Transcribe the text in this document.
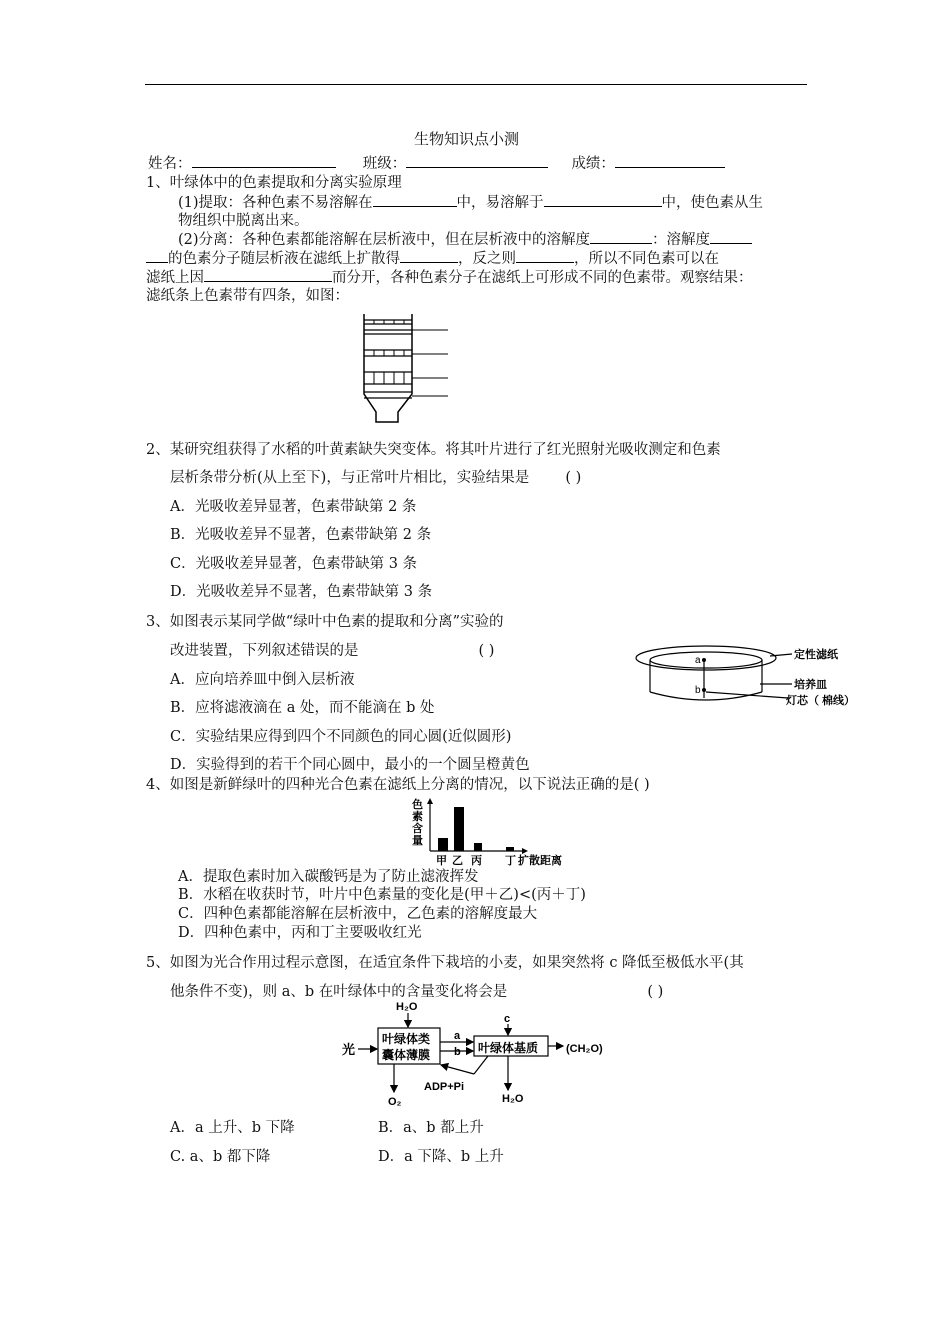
生物知识点小测
姓名：	班级：	成绩：
1、叶绿体中的色素提取和分离实验原理
(1)提取：各种色素不易溶解在	中，易溶解于	中，使色素从生
物组织中脱离出来。
(2)分离：各种色素都能溶解在层析液中，但在层析液中的溶解度	：溶解度
的色素分子随层析液在滤纸上扩散得	，反之则	，所以不同色素可以在
滤纸上因	而分开，各种色素分子在滤纸上可形成不同的色素带。观察结果：
滤纸条上色素带有四条，如图：
2、某研究组获得了水稻的叶黄素缺失突变体。将其叶片进行了红光照射光吸收测定和色素
层析条带分析(从上至下)，与正常叶片相比，实验结果是 ( )
A．光吸收差异显著，色素带缺第 2 条
B．光吸收差异不显著，色素带缺第 2 条
C．光吸收差异显著，色素带缺第 3 条
D．光吸收差异不显著，色素带缺第 3 条
3、如图表示某同学做“绿叶中色素的提取和分离”实验的
改进装置，下列叙述错误的是	( )
A．应向培养皿中倒入层析液
B．应将滤液滴在 a 处，而不能滴在 b 处
C．实验结果应得到四个不同颜色的同心圆(近似圆形)
D．实验得到的若干个同心圆中，最小的一个圆呈橙黄色
a
b
定性滤纸
培养皿
灯芯（ 棉线）
4、如图是新鲜绿叶的四种光合色素在滤纸上分离的情况，以下说法正确的是( )
色
素
含
量
甲 乙 丙 丁 扩散距离
A．提取色素时加入碳酸钙是为了防止滤液挥发
B．水稻在收获时节，叶片中色素量的变化是(甲＋乙)<(丙＋丁)
C．四种色素都能溶解在层析液中，乙色素的溶解度最大
D．四种色素中，丙和丁主要吸收红光
5、如图为光合作用过程示意图，在适宜条件下栽培的小麦，如果突然将 c 降低至极低水平(其
他条件不变)，则 a、b 在叶绿体中的含量变化将会是	( )
H₂O
光
叶绿体类
囊体薄膜
a
b
c
叶绿体基质	(CH₂O)
ADP+Pi
O₂	H₂O
A．a 上升、b 下降	B．a、b 都上升
C. a、b 都下降	D．a 下降、b 上升
